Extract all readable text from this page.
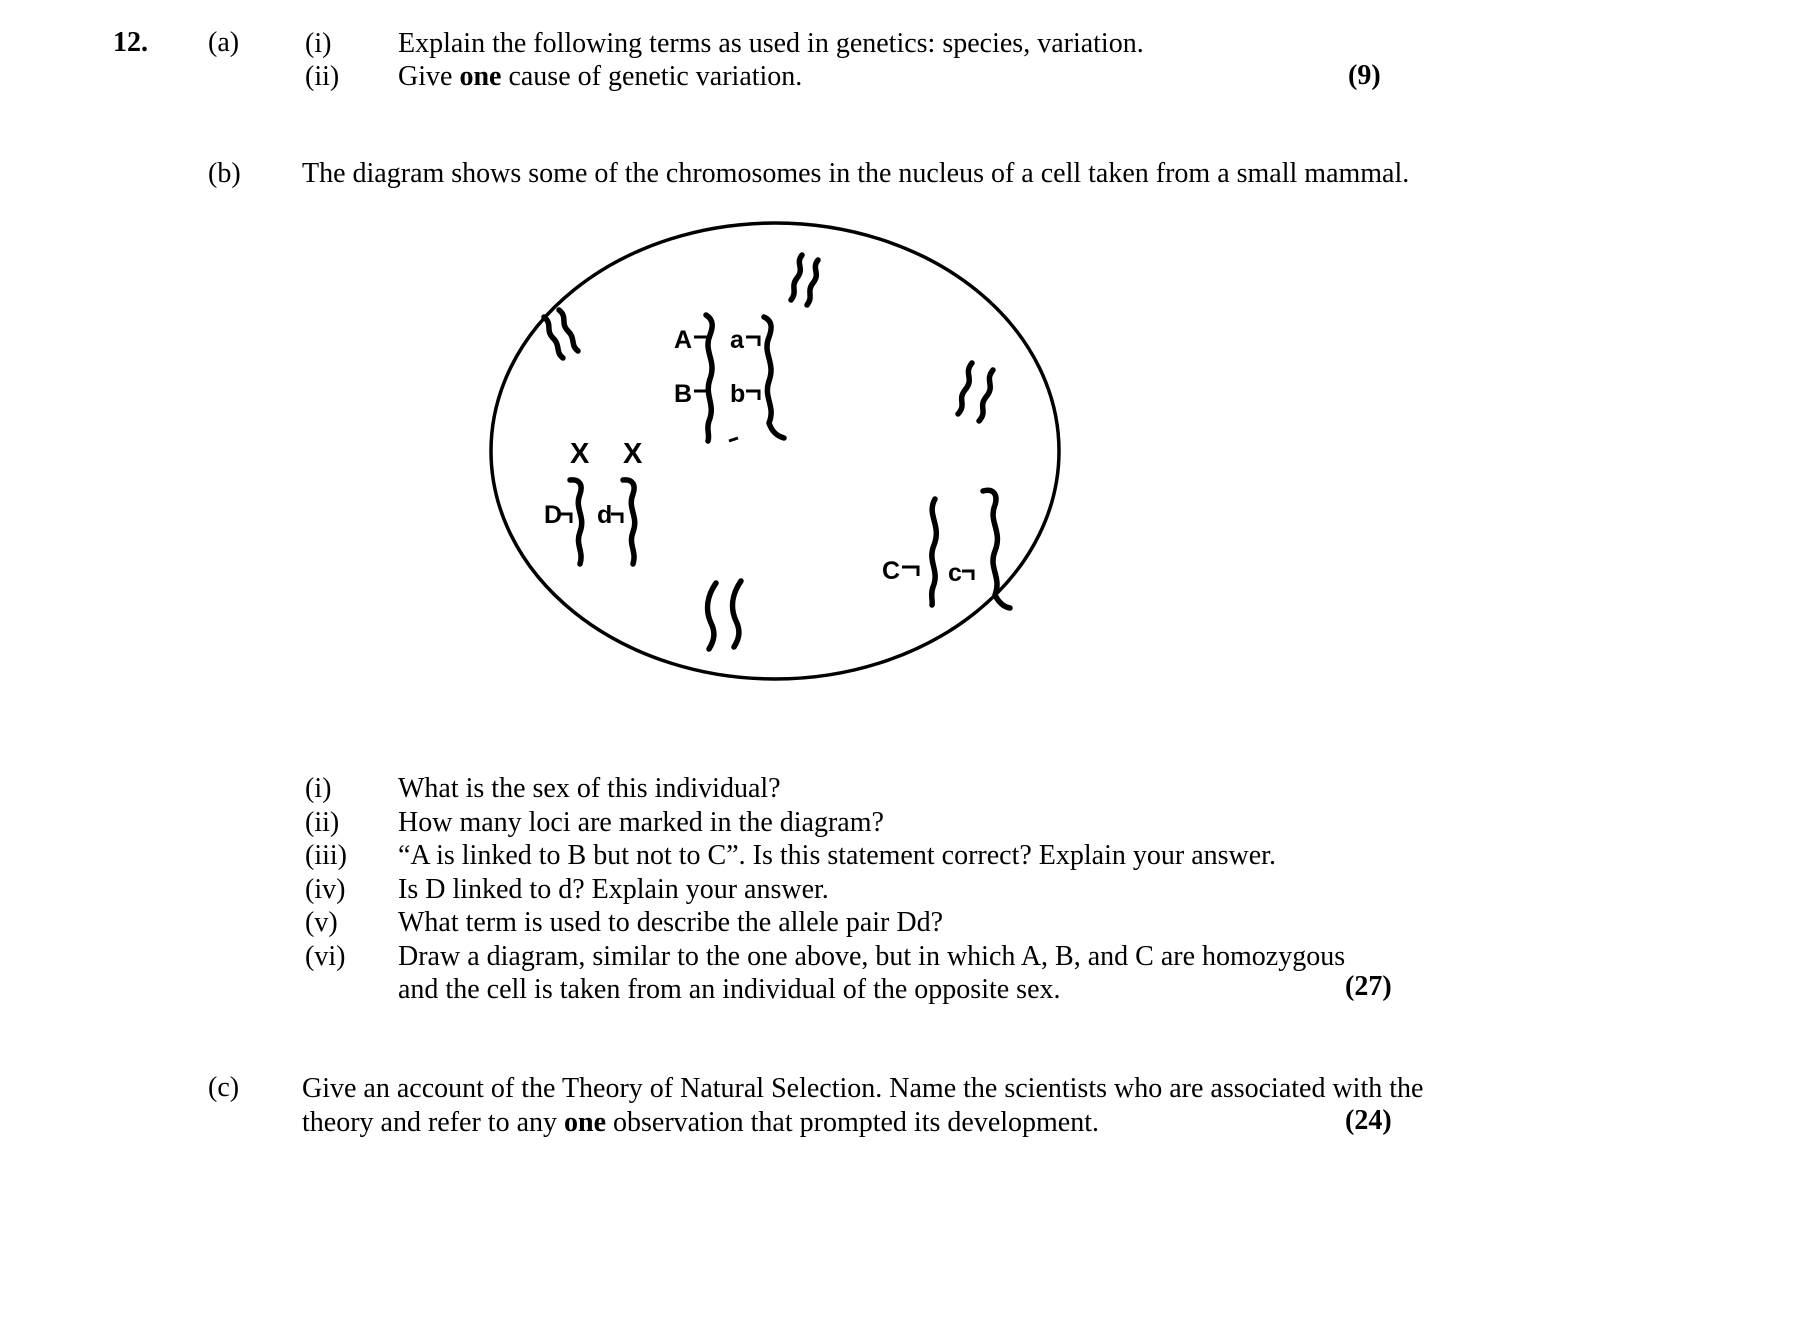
12. (a) (i)	Explain the following terms as used in genetics: species, variation.
(ii)	Give one cause of genetic variation.	(9)
(b) The diagram shows some of the chromosomes in the nucleus of a cell taken from a small mammal.
A
B
a
b
X X
D d
C c
(i)	What is the sex of this individual?
(ii)	How many loci are marked in the diagram?
(iii)	“A is linked to B but not to C”. Is this statement correct? Explain your answer.
(iv)	Is D linked to d? Explain your answer.
(v)	What term is used to describe the allele pair Dd?
(vi)	Draw a diagram, similar to the one above, but in which A, B, and C are homozygous and the cell is taken from an individual of the opposite sex.	(27)
(c) Give an account of the Theory of Natural Selection. Name the scientists who are associated with the theory and refer to any one observation that prompted its development.	(24)
